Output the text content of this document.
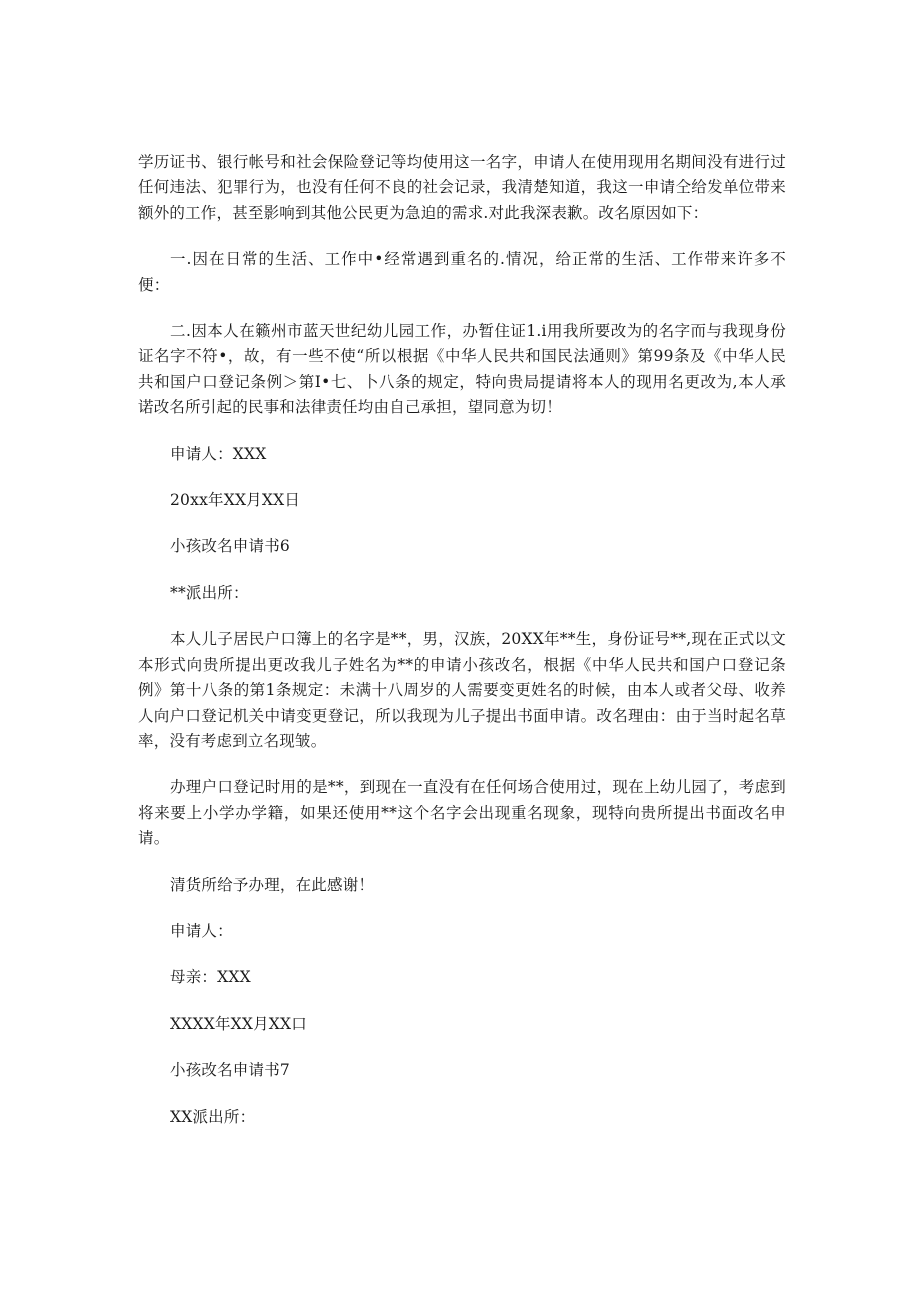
学历证书、银行帐号和社会保险登记等均使用这一名字，申请人在使用现用名期间没有进行过任何违法、犯罪行为，也没有任何不良的社会记录，我清楚知道，我这一申请仝给发单位带来额外的工作，甚至影响到其他公民更为急迫的需求.对此我深表歉。改名原因如下：

一.因在日常的生活、工作中•经常遇到重名的.情况，给正常的生活、工作带来许多不便：

二.因本人在籁州市蓝天世纪幼儿园工作，办暂住证1.i用我所要改为的名字而与我现身份证名字不符•，故，有一些不使“所以根据《中华人民共和国民法通则》第99条及《中华人民共和国户口登记条例＞第I•七、卜八条的规定，特向贵局提请将本人的现用名更改为,本人承诺改名所引起的民事和法律责任均由自己承担，望同意为切！

申请人：XXX

20xx年XX月XX日

小孩改名申请书6

**派出所：

本人儿子居民户口簿上的名字是**，男，汉族，20XX年**生，身份证号**,现在正式以文本形式向贵所提出更改我儿子姓名为**的申请小孩改名，根据《中华人民共和国户口登记条例》第十八条的第1条规定：未满十八周岁的人需要变更姓名的时候，由本人或者父母、收养人向户口登记机关中请变更登记，所以我现为儿子提出书面申请。改名理由：由于当时起名草率，没有考虑到立名现皱。

办理户口登记时用的是**，到现在一直没有在任何场合使用过，现在上幼儿园了，考虑到将来要上小学办学籍，如果还使用**这个名字会出现重名现象，现特向贵所提出书面改名申请。

清货所给予办理，在此感谢！

申请人：

母亲：XXX

XXXX年XX月XX口

小孩改名申请书7

XX派出所：
